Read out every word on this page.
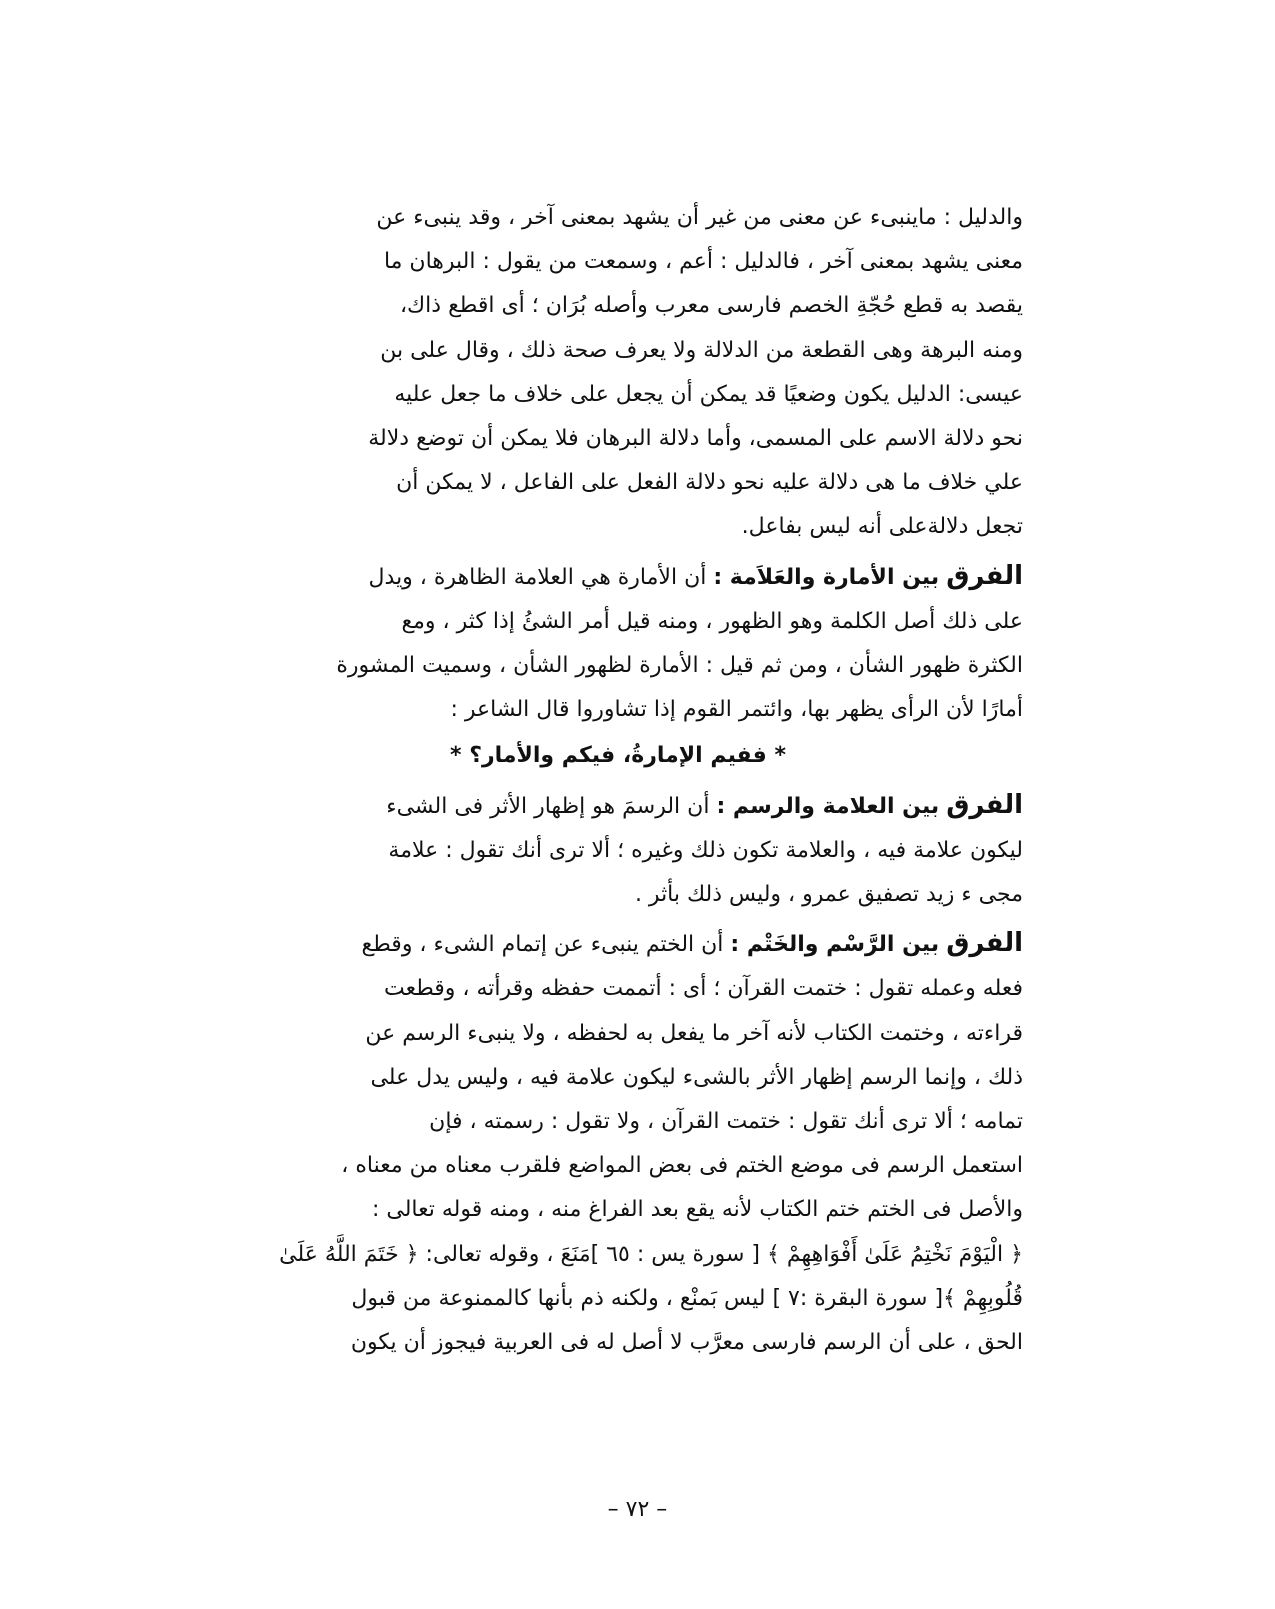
والدليل : ماينبىء عن معنى من غير أن يشهد بمعنى آخر ، وقد ينبىء عن
معنى يشهد بمعنى آخر ، فالدليل : أعم ، وسمعت من يقول : البرهان ما
يقصد به قطع حُجّةِ الخصم فارسى معرب وأصله بُرَان ؛ أى اقطع ذاك،
ومنه البرهة وهى القطعة من الدلالة ولا يعرف صحة ذلك ، وقال على بن
عيسى: الدليل يكون وضعيًا قد يمكن أن يجعل على خلاف ما جعل عليه
نحو دلالة الاسم على المسمى، وأما دلالة البرهان فلا يمكن أن توضع دلالة
علي خلاف ما هى دلالة عليه نحو دلالة الفعل على الفاعل ، لا يمكن أن
تجعل دلالةعلى أنه ليس بفاعل.

الفرق بين الأمارة والعَلاَمة : أن الأمارة هي العلامة الظاهرة ، ويدل
على ذلك أصل الكلمة وهو الظهور ، ومنه قيل أمر الشئُ إذا كثر ، ومع
الكثرة ظهور الشأن ، ومن ثم قيل : الأمارة لظهور الشأن ، وسميت المشورة
أمارًا لأن الرأى يظهر بها، وائتمر القوم إذا تشاوروا قال الشاعر :

* ففيم الإمارةُ، فيكم والأمار؟ *

الفرق بين العلامة والرسم : أن الرسمَ هو إظهار الأثر فى الشىء
ليكون علامة فيه ، والعلامة تكون ذلك وغيره ؛ ألا ترى أنك تقول : علامة
مجى ء زيد تصفيق عمرو ، وليس ذلك بأثر .

الفرق بين الرَّسْم والخَتْم : أن الختم ينبىء عن إتمام الشىء ، وقطع
فعله وعمله تقول : ختمت القرآن ؛ أى : أتممت حفظه وقرأته ، وقطعت
قراءته ، وختمت الكتاب لأنه آخر ما يفعل به لحفظه ، ولا ينبىء الرسم عن
ذلك ، وإنما الرسم إظهار الأثر بالشىء ليكون علامة فيه ، وليس يدل على
تمامه ؛ ألا ترى أنك تقول : ختمت القرآن ، ولا تقول : رسمته ، فإن
استعمل الرسم فى موضع الختم فى بعض المواضع فلقرب معناه من معناه ،
والأصل فى الختم ختم الكتاب لأنه يقع بعد الفراغ منه ، ومنه قوله تعالى :
﴿ الْيَوْمَ نَخْتِمُ عَلَىٰ أَفْوَاهِهِمْ ﴾ [ سورة يس : ٦٥ ]مَنَعَ ، وقوله تعالى: ﴿ خَتَمَ اللَّهُ عَلَىٰ
قُلُوبِهِمْ ﴾[ سورة البقرة :٧ ] ليس بَمنْع ، ولكنه ذم بأنها كالممنوعة من قبول
الحق ، على أن الرسم فارسى معرَّب لا أصل له فى العربية فيجوز أن يكون

– ٧٢ –
